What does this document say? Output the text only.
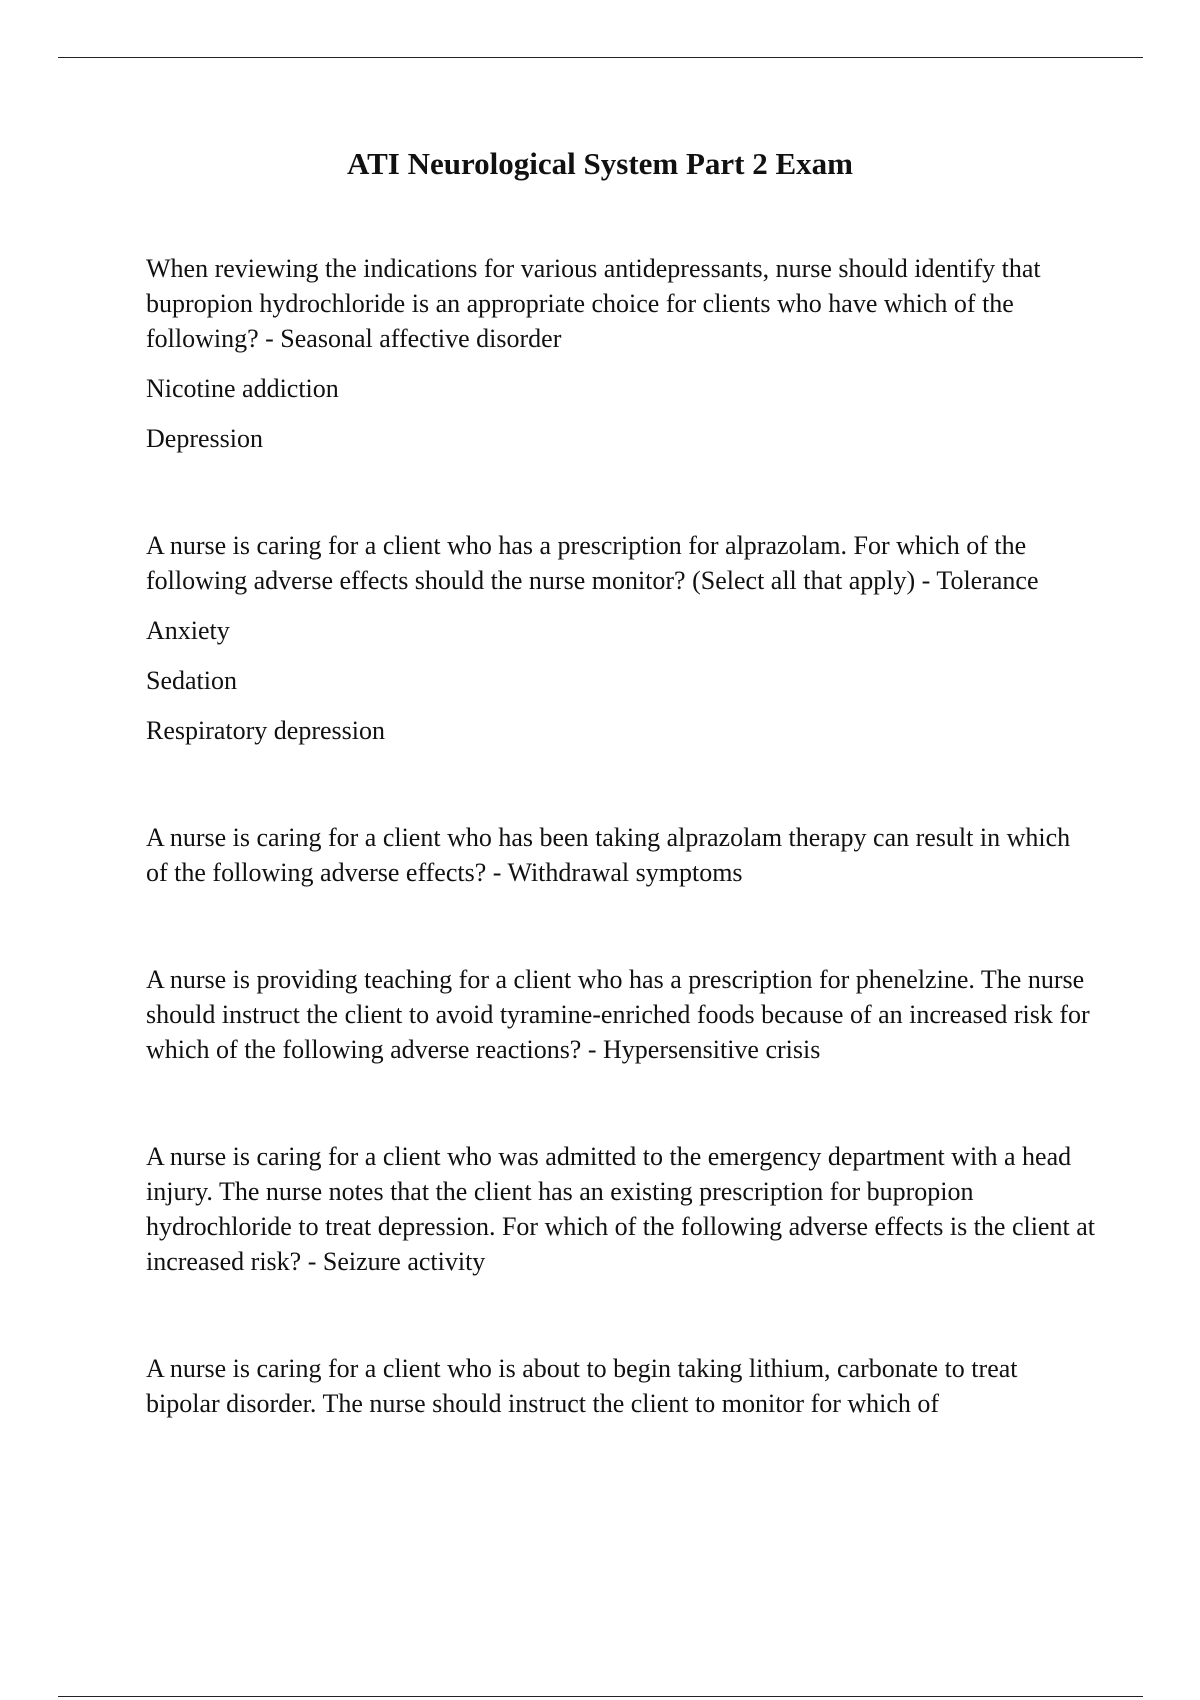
ATI Neurological System Part 2 Exam

When reviewing the indications for various antidepressants, nurse should identify that bupropion hydrochloride is an appropriate choice for clients who have which of the following? - Seasonal affective disorder

Nicotine addiction

Depression

A nurse is caring for a client who has a prescription for alprazolam. For which of the following adverse effects should the nurse monitor? (Select all that apply) - Tolerance

Anxiety

Sedation

Respiratory depression

A nurse is caring for a client who has been taking alprazolam therapy can result in which of the following adverse effects? - Withdrawal symptoms

A nurse is providing teaching for a client who has a prescription for phenelzine. The nurse should instruct the client to avoid tyramine-enriched foods because of an increased risk for which of the following adverse reactions? - Hypersensitive crisis

A nurse is caring for a client who was admitted to the emergency department with a head injury. The nurse notes that the client has an existing prescription for bupropion hydrochloride to treat depression. For which of the following adverse effects is the client at increased risk? - Seizure activity

A nurse is caring for a client who is about to begin taking lithium, carbonate to treat bipolar disorder. The nurse should instruct the client to monitor for which of
